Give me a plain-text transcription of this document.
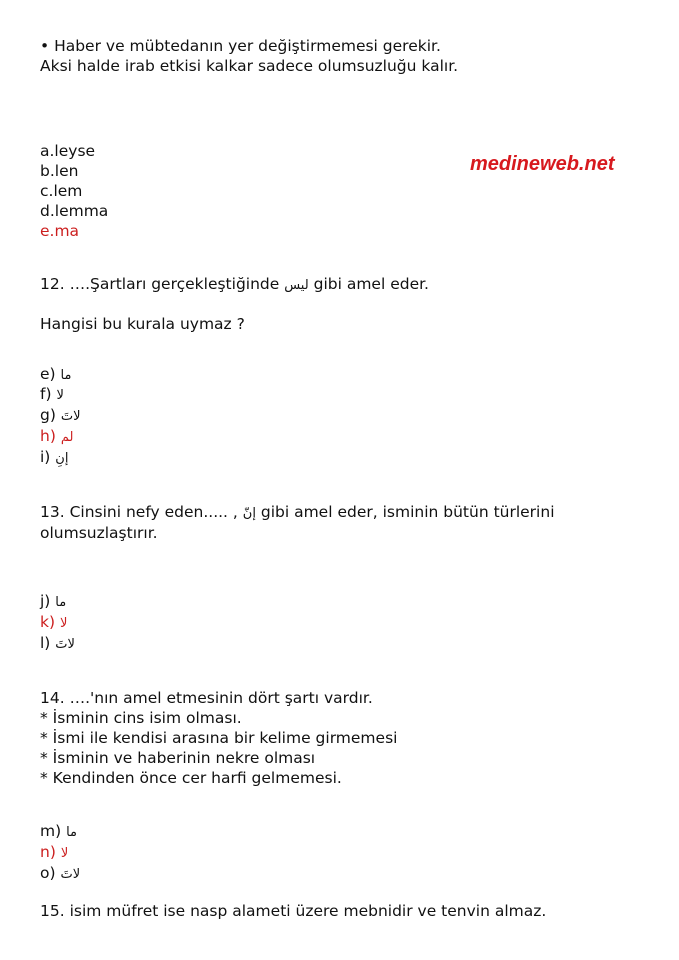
• Haber ve mübtedanın yer değiştirmemesi gerekir.
Aksi halde irab etkisi kalkar sadece olumsuzluğu kalır.
a.leyse
b.len
c.lem
d.lemma
e.ma
medineweb.net
12. ….Şartları gerçekleştiğinde ليس gibi amel eder.
Hangisi bu kurala uymaz ?
e) ما
f) لا
g) لاتَ
h) لم
i) إنِ
13. Cinsini nefy eden..... , إنّ gibi amel eder, isminin bütün türlerini
olumsuzlaştırır.
j) ما
k) لا
l) لاتَ
14. ….'nın amel etmesinin dört şartı vardır.
* İsminin cins isim olması.
* İsmi ile kendisi arasına bir kelime girmemesi
* İsminin ve haberinin nekre olması
* Kendinden önce cer harfi gelmemesi.
m) ما
n) لا
o) لاتَ
15. isim müfret ise nasp alameti üzere mebnidir ve tenvin almaz.
